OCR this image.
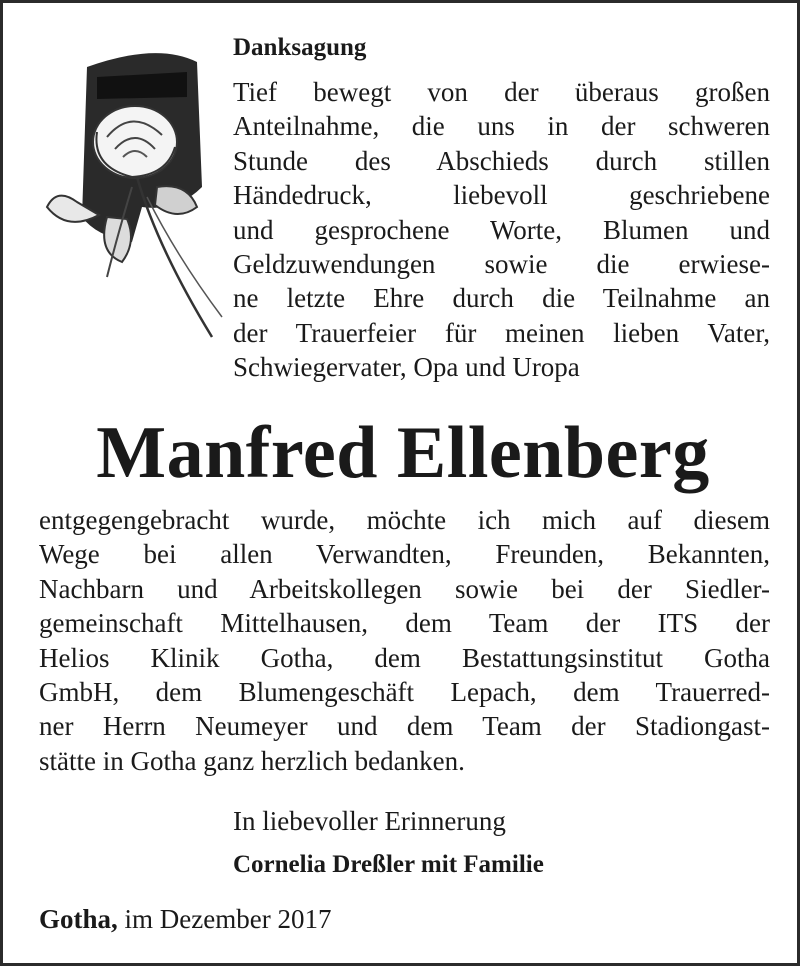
Danksagung
Tief bewegt von der überaus großen
Anteilnahme, die uns in der schweren
Stunde des Abschieds durch stillen
Händedruck, liebevoll geschriebene
und gesprochene Worte, Blumen und
Geldzuwendungen sowie die erwiese-
ne letzte Ehre durch die Teilnahme an
der Trauerfeier für meinen lieben Vater,
Schwiegervater, Opa und Uropa
Manfred Ellenberg
entgegengebracht wurde, möchte ich mich auf diesem
Wege bei allen Verwandten, Freunden, Bekannten,
Nachbarn und Arbeitskollegen sowie bei der Siedler-
gemeinschaft Mittelhausen, dem Team der ITS der
Helios Klinik Gotha, dem Bestattungsinstitut Gotha
GmbH, dem Blumengeschäft Lepach, dem Trauerred-
ner Herrn Neumeyer und dem Team der Stadiongast-
stätte in Gotha ganz herzlich bedanken.
In liebevoller Erinnerung
Cornelia Dreßler mit Familie
Gotha, im Dezember 2017
